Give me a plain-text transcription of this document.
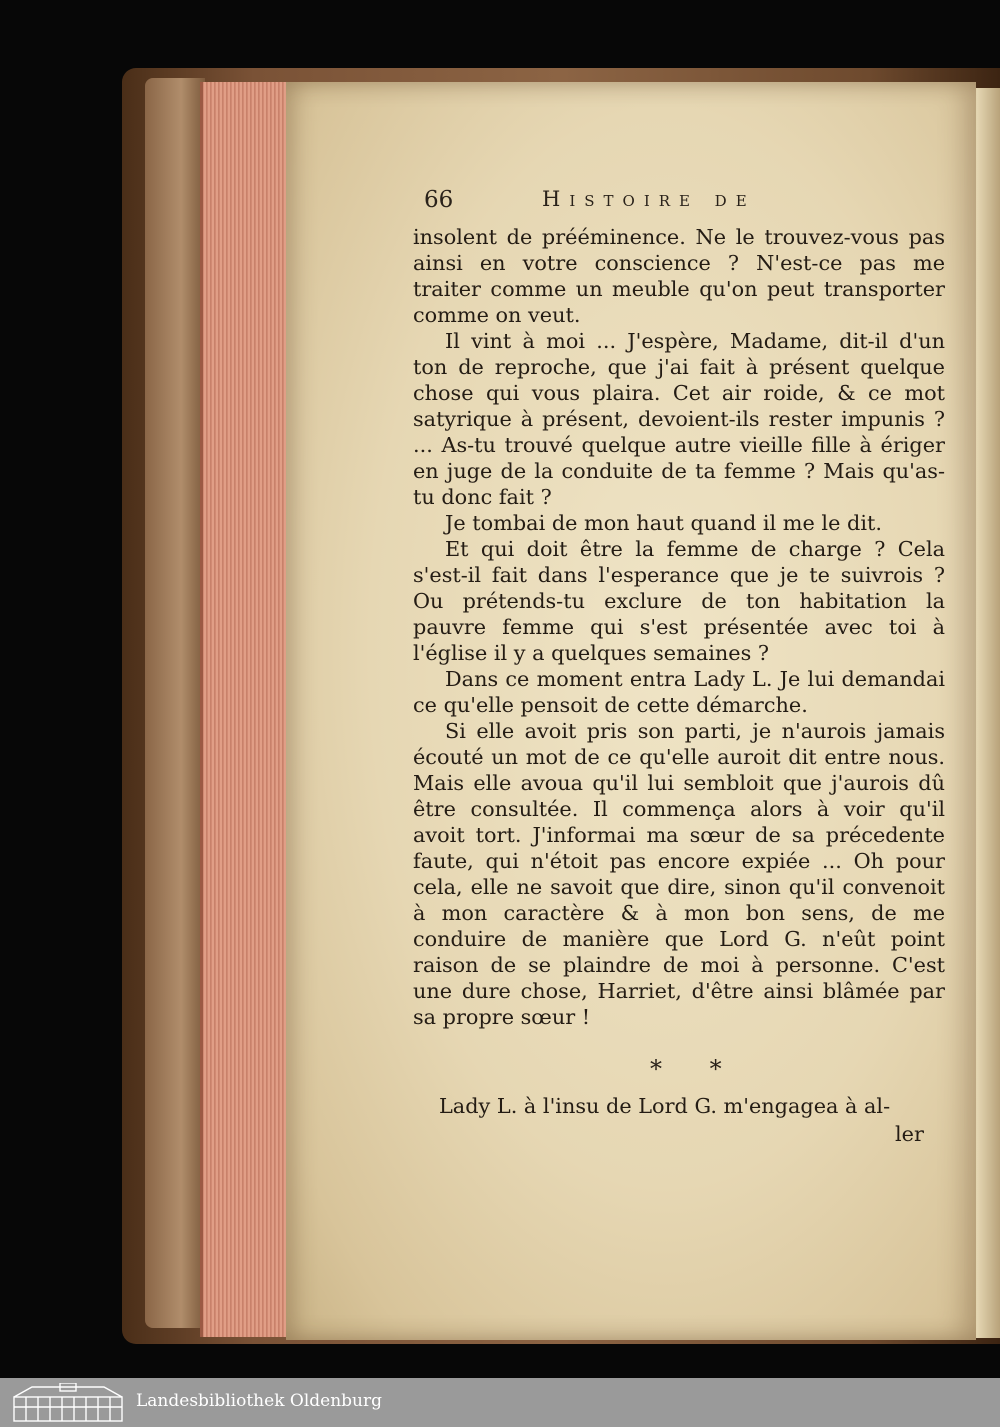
66	Histoire de

insolent de prééminence. Ne le trouvez-vous pas ainsi en votre conscience ? N'est-ce pas me traiter comme un meuble qu'on peut transporter comme on veut.

Il vint à moi ... J'espère, Madame, dit-il d'un ton de reproche, que j'ai fait à présent quelque chose qui vous plaira. Cet air roide, & ce mot satyrique à présent, devoient-ils rester impunis ? ... As-tu trouvé quelque autre vieille fille à ériger en juge de la conduite de ta femme ? Mais qu'as-tu donc fait ?

Je tombai de mon haut quand il me le dit.

Et qui doit être la femme de charge ? Cela s'est-il fait dans l'esperance que je te suivrois ? Ou prétends-tu exclure de ton habitation la pauvre femme qui s'est présentée avec toi à l'église il y a quelques semaines ?

Dans ce moment entra Lady L. Je lui demandai ce qu'elle pensoit de cette démarche.

Si elle avoit pris son parti, je n'aurois jamais écouté un mot de ce qu'elle auroit dit entre nous. Mais elle avoua qu'il lui sembloit que j'aurois dû être consultée. Il commença alors à voir qu'il avoit tort. J'informai ma sœur de sa précedente faute, qui n'étoit pas encore expiée ... Oh pour cela, elle ne savoit que dire, sinon qu'il convenoit à mon caractère & à mon bon sens, de me conduire de manière que Lord G. n'eût point raison de se plaindre de moi à personne. C'est une dure chose, Harriet, d'être ainsi blâmée par sa propre sœur !

* *

Lady L. à l'insu de Lord G. m'engagea à al-

ler
Landesbibliothek Oldenburg
